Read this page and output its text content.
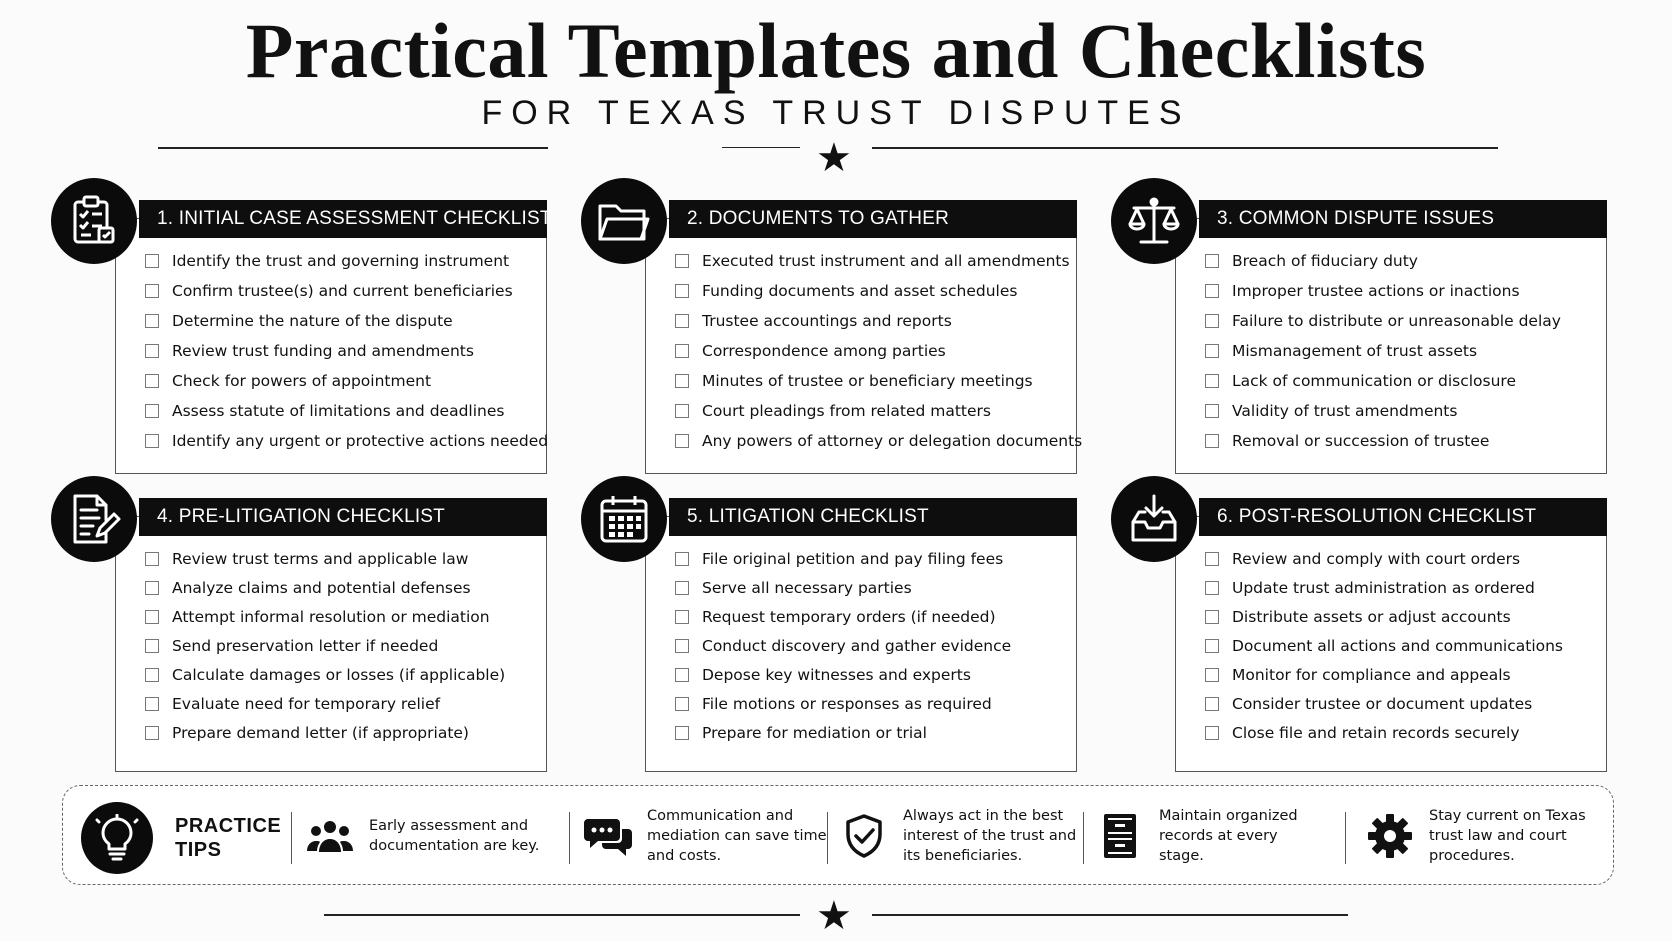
Practical Templates and Checklists
FOR TEXAS TRUST DISPUTES
★
1. INITIAL CASE ASSESSMENT CHECKLIST
Identify the trust and governing instrument
Confirm trustee(s) and current beneficiaries
Determine the nature of the dispute
Review trust funding and amendments
Check for powers of appointment
Assess statute of limitations and deadlines
Identify any urgent or protective actions needed
2. DOCUMENTS TO GATHER
Executed trust instrument and all amendments
Funding documents and asset schedules
Trustee accountings and reports
Correspondence among parties
Minutes of trustee or beneficiary meetings
Court pleadings from related matters
Any powers of attorney or delegation documents
3. COMMON DISPUTE ISSUES
Breach of fiduciary duty
Improper trustee actions or inactions
Failure to distribute or unreasonable delay
Mismanagement of trust assets
Lack of communication or disclosure
Validity of trust amendments
Removal or succession of trustee
4. PRE-LITIGATION CHECKLIST
Review trust terms and applicable law
Analyze claims and potential defenses
Attempt informal resolution or mediation
Send preservation letter if needed
Calculate damages or losses (if applicable)
Evaluate need for temporary relief
Prepare demand letter (if appropriate)
5. LITIGATION CHECKLIST
File original petition and pay filing fees
Serve all necessary parties
Request temporary orders (if needed)
Conduct discovery and gather evidence
Depose key witnesses and experts
File motions or responses as required
Prepare for mediation or trial
6. POST-RESOLUTION CHECKLIST
Review and comply with court orders
Update trust administration as ordered
Distribute assets or adjust accounts
Document all actions and communications
Monitor for compliance and appeals
Consider trustee or document updates
Close file and retain records securely
PRACTICE
TIPS
Early assessment and
documentation are key.
Communication and
mediation can save time
and costs.
Always act in the best
interest of the trust and
its beneficiaries.
Maintain organized
records at every
stage.
Stay current on Texas
trust law and court
procedures.
★
